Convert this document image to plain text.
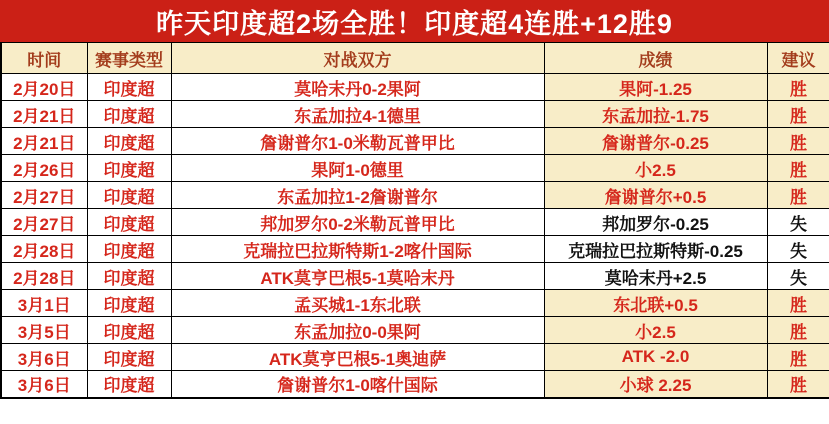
昨天印度超2场全胜！印度超4连胜+12胜9
时间	赛事类型	对战双方	成绩	建议
2月20日	印度超	莫哈末丹0-2果阿	果阿-1.25	胜
2月21日	印度超	东孟加拉4-1德里	东孟加拉-1.75	胜
2月21日	印度超	詹谢普尔1-0米勒瓦普甲比	詹谢普尔-0.25	胜
2月26日	印度超	果阿1-0德里	小2.5	胜
2月27日	印度超	东孟加拉1-2詹谢普尔	詹谢普尔+0.5	胜
2月27日	印度超	邦加罗尔0-2米勒瓦普甲比	邦加罗尔-0.25	失
2月28日	印度超	克瑞拉巴拉斯特斯1-2喀什国际	克瑞拉巴拉斯特斯-0.25	失
2月28日	印度超	ATK莫亨巴根5-1莫哈末丹	莫哈末丹+2.5	失
3月1日	印度超	孟买城1-1东北联	东北联+0.5	胜
3月5日	印度超	东孟加拉0-0果阿	小2.5	胜
3月6日	印度超	ATK莫亨巴根5-1奥迪萨	ATK -2.0	胜
3月6日	印度超	詹谢普尔1-0喀什国际	小球 2.25	胜
